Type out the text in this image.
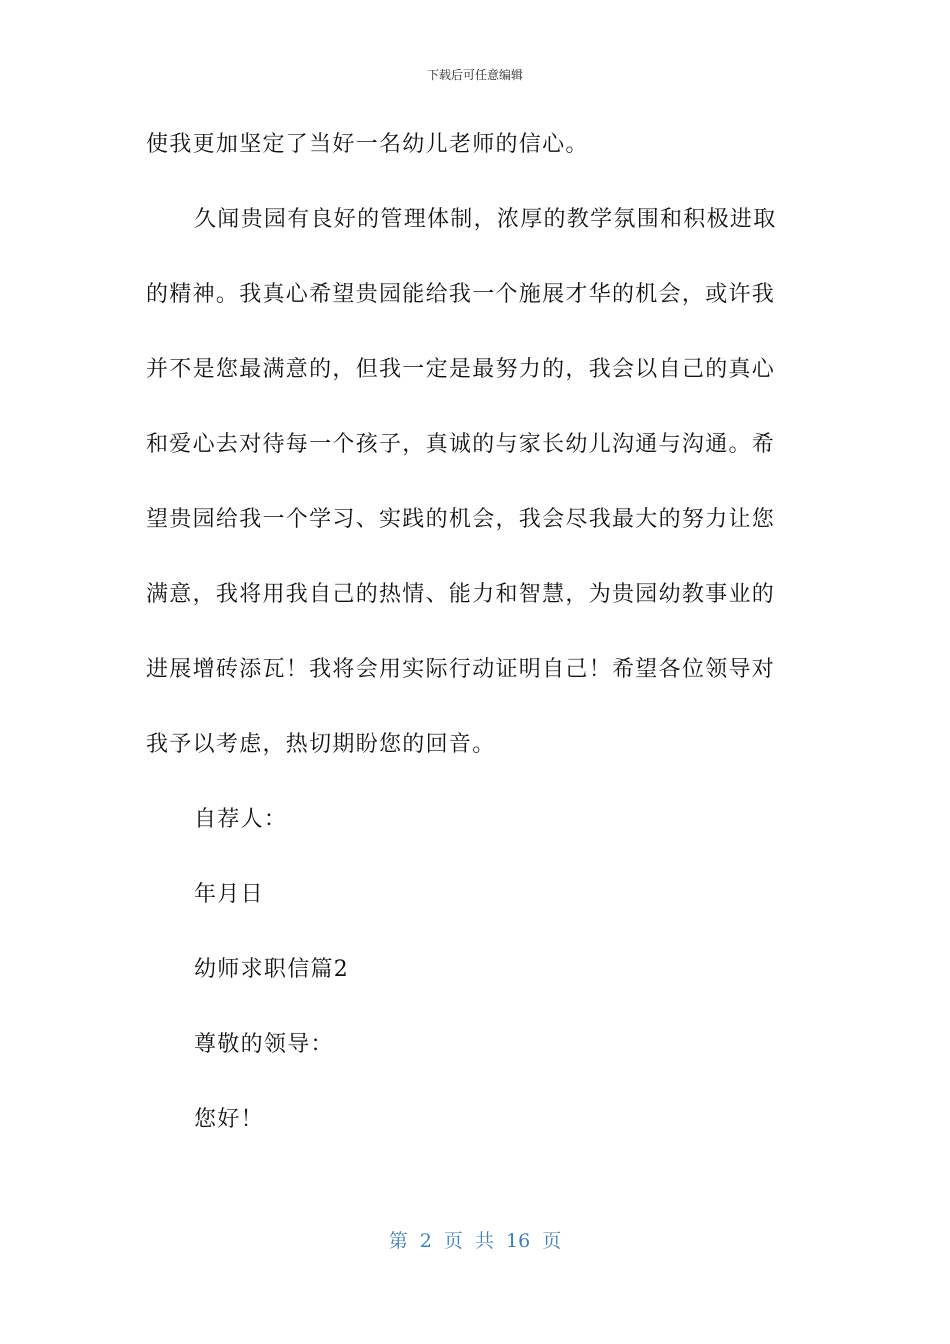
下载后可任意编辑
使我更加坚定了当好一名幼儿老师的信心。
久闻贵园有良好的管理体制，浓厚的教学氛围和积极进取
的精神。我真心希望贵园能给我一个施展才华的机会，或许我
并不是您最满意的，但我一定是最努力的，我会以自己的真心
和爱心去对待每一个孩子，真诚的与家长幼儿沟通与沟通。希
望贵园给我一个学习、实践的机会，我会尽我最大的努力让您
满意，我将用我自己的热情、能力和智慧，为贵园幼教事业的
进展增砖添瓦！我将会用实际行动证明自己！希望各位领导对
我予以考虑，热切期盼您的回音。
自荐人：
年月日
幼师求职信篇2
尊敬的领导：
您好！
第 2 页 共 16 页
